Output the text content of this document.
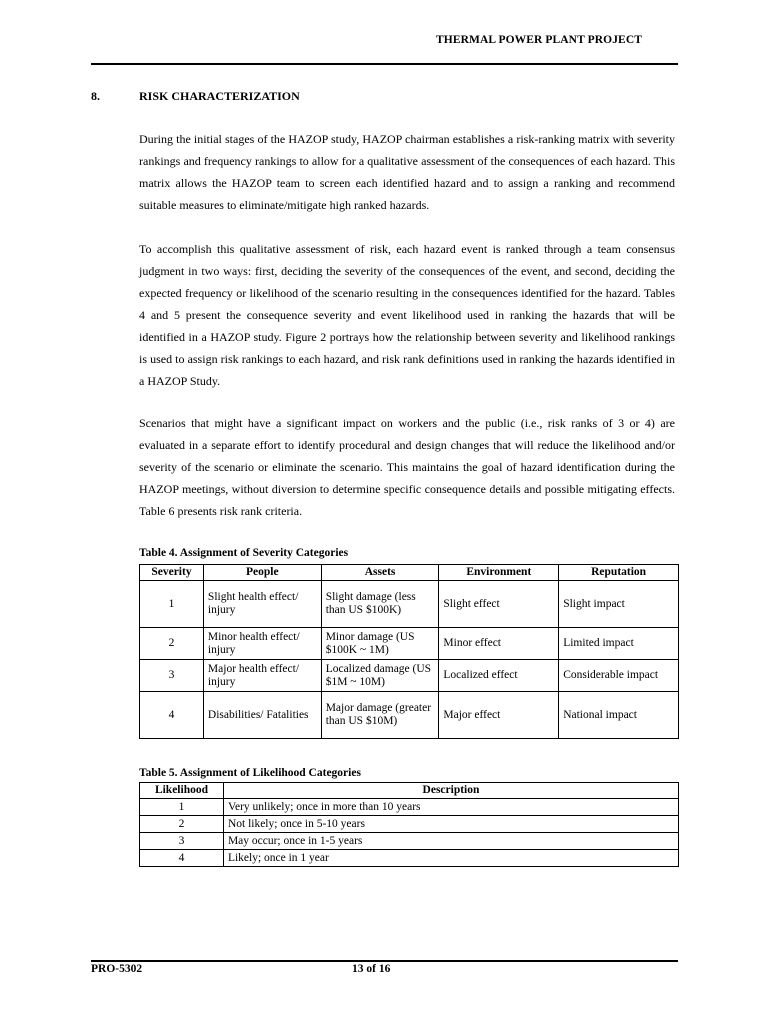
THERMAL POWER PLANT PROJECT
8.	RISK CHARACTERIZATION

During the initial stages of the HAZOP study, HAZOP chairman establishes a risk-ranking matrix with severity rankings and frequency rankings to allow for a qualitative assessment of the consequences of each hazard. This matrix allows the HAZOP team to screen each identified hazard and to assign a ranking and recommend suitable measures to eliminate/mitigate high ranked hazards.

To accomplish this qualitative assessment of risk, each hazard event is ranked through a team consensus judgment in two ways: first, deciding the severity of the consequences of the event, and second, deciding the expected frequency or likelihood of the scenario resulting in the consequences identified for the hazard. Tables 4 and 5 present the consequence severity and event likelihood used in ranking the hazards that will be identified in a HAZOP study. Figure 2 portrays how the relationship between severity and likelihood rankings is used to assign risk rankings to each hazard, and risk rank definitions used in ranking the hazards identified in a HAZOP Study.

Scenarios that might have a significant impact on workers and the public (i.e., risk ranks of 3 or 4) are evaluated in a separate effort to identify procedural and design changes that will reduce the likelihood and/or severity of the scenario or eliminate the scenario. This maintains the goal of hazard identification during the HAZOP meetings, without diversion to determine specific consequence details and possible mitigating effects. Table 6 presents risk rank criteria.

Table 4. Assignment of Severity Categories
Severity	People	Assets	Environment	Reputation
1	Slight health effect/ injury	Slight damage (less than US $100K)	Slight effect	Slight impact
2	Minor health effect/ injury	Minor damage (US $100K ~ 1M)	Minor effect	Limited impact
3	Major health effect/ injury	Localized damage (US $1M ~ 10M)	Localized effect	Considerable impact
4	Disabilities/ Fatalities	Major damage (greater than US $10M)	Major effect	National impact
Table 5. Assignment of Likelihood Categories
Likelihood	Description
1	Very unlikely; once in more than 10 years
2	Not likely; once in 5-10 years
3	May occur; once in 1-5 years
4	Likely; once in 1 year
PRO-5302	13 of 16
